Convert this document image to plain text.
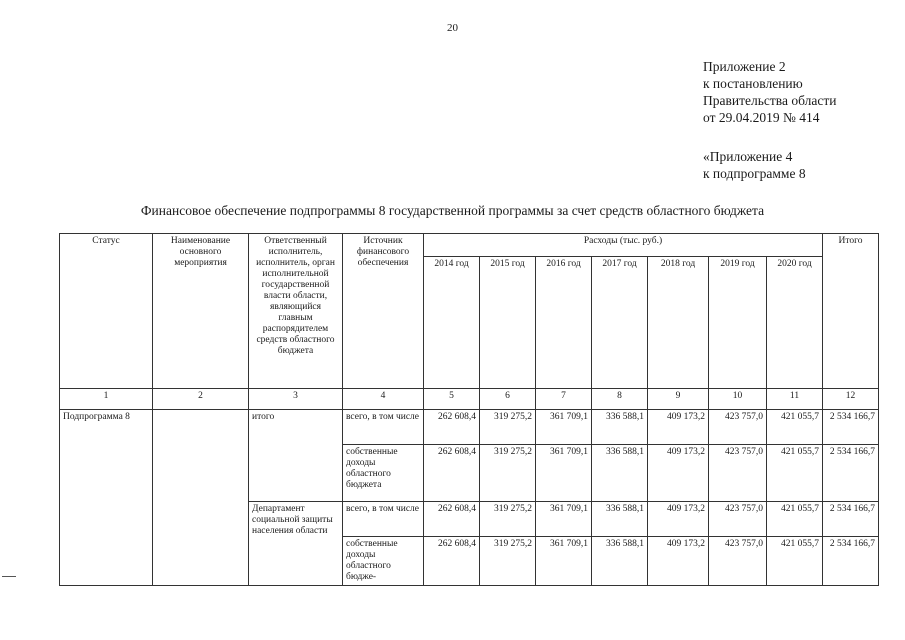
20
Приложение 2
к постановлению
Правительства области
от 29.04.2019 № 414
«Приложение 4
к подпрограмме 8
Финансовое обеспечение подпрограммы 8 государственной программы за счет средств областного бюджета
Статус	Наименование основного мероприятия	Ответственный исполнитель, исполнитель, орган исполнительной государственной власти области, являющийся главным распорядителем средств областного бюджета	Источник финансового обеспечения	Расходы (тыс. руб.)							Итого
				2014 год	2015 год	2016 год	2017 год	2018 год	2019 год	2020 год	
1	2	3	4	5	6	7	8	9	10	11	12
Подпрограмма 8		итого	всего, в том числе	262 608,4	319 275,2	361 709,1	336 588,1	409 173,2	423 757,0	421 055,7	2 534 166,7
			собственные доходы областного бюджета	262 608,4	319 275,2	361 709,1	336 588,1	409 173,2	423 757,0	421 055,7	2 534 166,7
		Департамент социальной защиты населения области	всего, в том числе	262 608,4	319 275,2	361 709,1	336 588,1	409 173,2	423 757,0	421 055,7	2 534 166,7
			собственные доходы областного бюдже-	262 608,4	319 275,2	361 709,1	336 588,1	409 173,2	423 757,0	421 055,7	2 534 166,7
